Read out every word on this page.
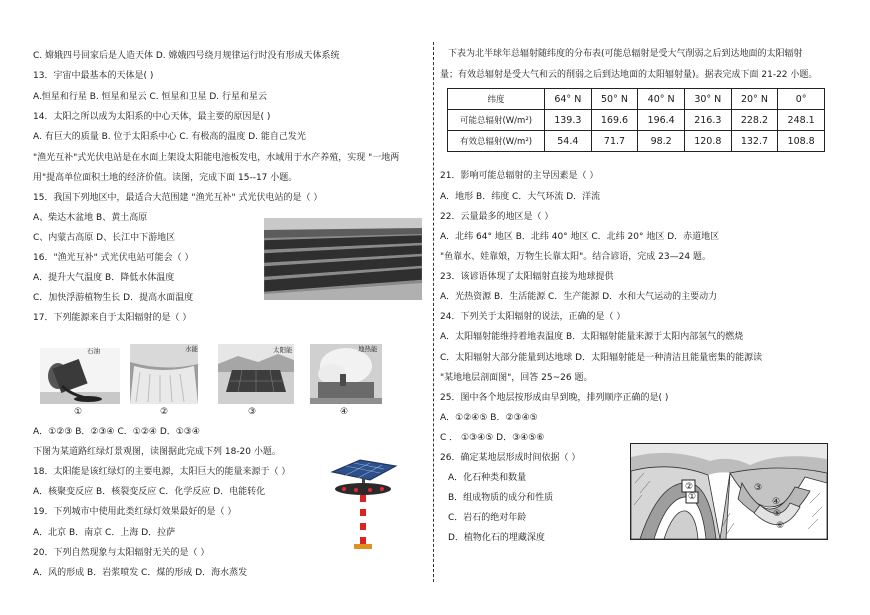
C. 嫦娥四号回家后是人造天体 D. 嫦娥四号绕月规律运行时没有形成天体系统
13．宇宙中最基本的天体是( )
A.恒星和行星 B. 恒星和星云 C. 恒星和卫星 D. 行星和星云
14．太阳之所以成为太阳系的中心天体，最主要的原因是( )
A. 有巨大的质量 B. 位于太阳系中心 C. 有极高的温度 D. 能自己发光
"渔光互补"式光伏电站是在水面上架设太阳能电池板发电，水域用于水产养殖，实现 "一地两
用"提高单位面积土地的经济价值。读图，完成下面 15--17 小题。
15．我国下列地区中，最适合大范围建 "渔光互补" 式光伏电站的是（ ）
A、柴达木盆地 B、黄土高原
C、内蒙古高原 D、长江中下游地区
16．"渔光互补" 式光伏电站可能会（ ）
A．提升大气温度 B．降低水体温度
C．加快浮游植物生长 D．提高水面温度
17．下列能源来自于太阳辐射的是（ ）
石油	水能	太阳能	地热能
①	②	③	④
A．①②③ B．②③④ C．①②④ D．①③④
下图为某道路红绿灯景观图，读图据此完成下列 18-20 小题。
18．太阳能是该红绿灯的主要电源，太阳巨大的能量来源于（ ）
A．核聚变反应 B．核裂变反应 C．化学反应 D．电能转化
19．下列城市中使用此类红绿灯效果最好的是（ ）
A．北京 B．南京 C．上海 D．拉萨
20．下列自然现象与太阳辐射无关的是（ ）
A．风的形成 B．岩浆喷发 C．煤的形成 D．海水蒸发
下表为北半球年总辐射随纬度的分布表(可能总辐射是受大气削弱之后到达地面的太阳辐射
量；有效总辐射是受大气和云的削弱之后到达地面的太阳辐射量)。据表完成下面 21-22 小题。
纬度	64° N	50° N	40° N	30° N	20° N	0°
可能总辐射(W/m²)	139.3	169.6	196.4	216.3	228.2	248.1
有效总辐射(W/m²)	54.4	71.7	98.2	120.8	132.7	108.8
21．影响可能总辐射的主导因素是（ ）
A．地形 B．纬度 C．大气环流 D．洋流
22．云量最多的地区是（ ）
A．北纬 64° 地区 B．北纬 40° 地区 C．北纬 20° 地区 D．赤道地区
"鱼靠水、娃靠娘，万物生长靠太阳"。结合谚语，完成 23—24 题。
23．该谚语体现了太阳辐射直接为地球提供
A．光热资源 B．生活能源 C．生产能源 D．水和大气运动的主要动力
24．下列关于太阳辐射的说法，正确的是（ ）
A．太阳辐射能维持着地表温度 B．太阳辐射能量来源于太阳内部氢气的燃烧
C．太阳辐射大部分能量到达地球 D．太阳辐射能是一种清洁且能量密集的能源读
"某地地层剖面图"，回答 25~26 题。
25．图中各个地层按形成由早到晚，排列顺序正确的是( )
A．①②④⑤ B．②③④⑤
C ． ①③④⑤ D．③④⑤⑥
26．确定某地层形成时间依据（ ）
A．化石种类和数量
B．组成物质的成分和性质
C．岩石的绝对年龄
D．植物化石的埋藏深度
②
①
③
④
⑤
⑥
